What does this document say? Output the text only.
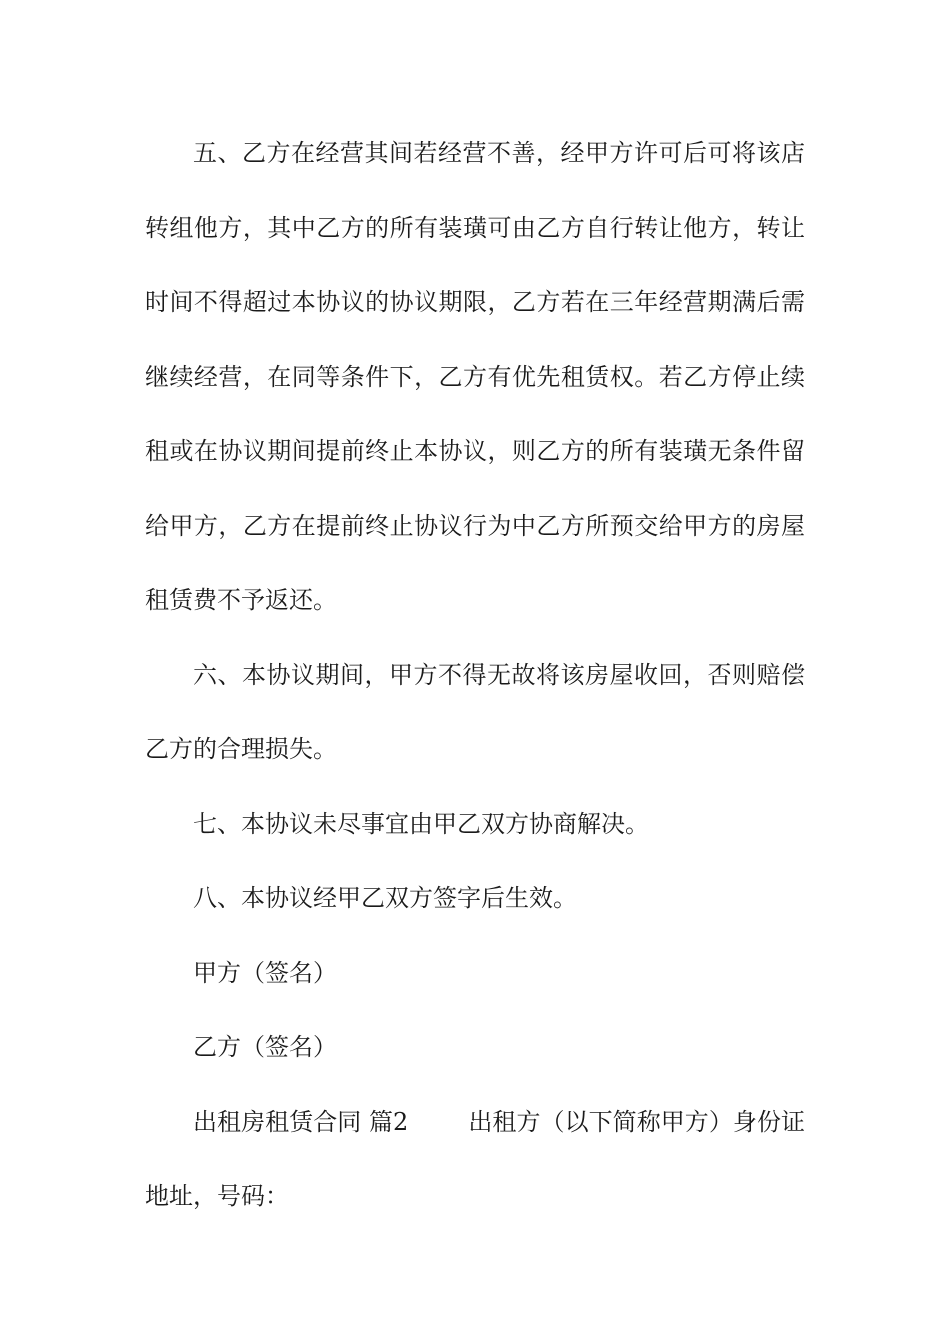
五、乙方在经营其间若经营不善，经甲方许可后可将该店转组他方，其中乙方的所有装璜可由乙方自行转让他方，转让时间不得超过本协议的协议期限，乙方若在三年经营期满后需继续经营，在同等条件下，乙方有优先租赁权。若乙方停止续租或在协议期间提前终止本协议，则乙方的所有装璜无条件留给甲方，乙方在提前终止协议行为中乙方所预交给甲方的房屋租赁费不予返还。

六、本协议期间，甲方不得无故将该房屋收回，否则赔偿乙方的合理损失。

七、本协议未尽事宜由甲乙双方协商解决。

八、本协议经甲乙双方签字后生效。

甲方（签名）

乙方（签名）

出租房租赁合同 篇2	出租方（以下简称甲方）身份证地址，号码：
